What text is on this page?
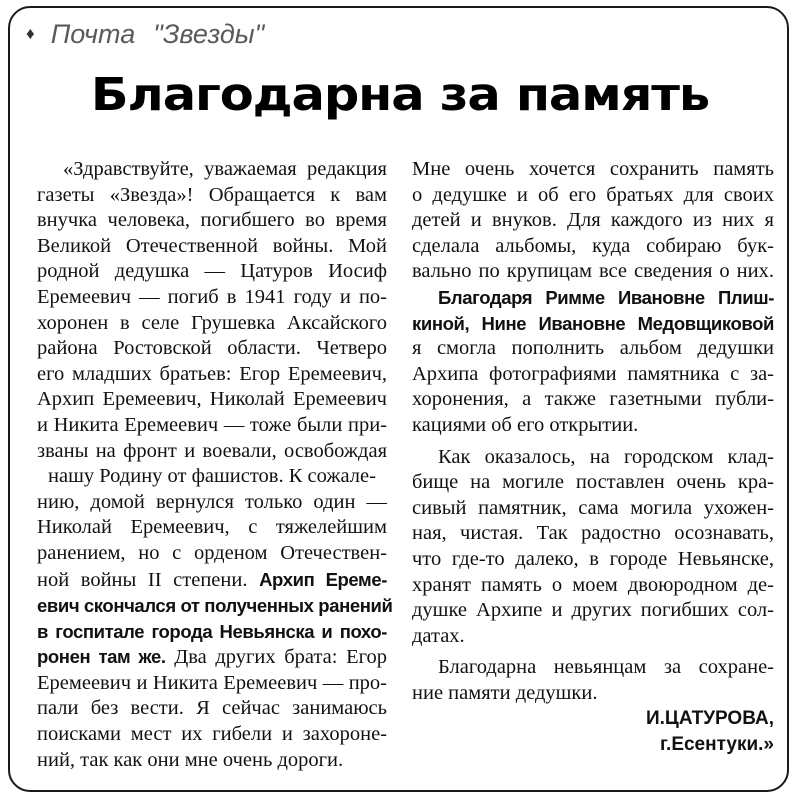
♦ Почта "Звезды"
Благодарна за память
«Здравствуйте, уважаемая редакция
газеты «Звезда»! Обращается к вам
внучка человека, погибшего во время
Великой Отечественной войны. Мой
родной дедушка — Цатуров Иосиф
Еремеевич — погиб в 1941 году и по-
хоронен в селе Грушевка Аксайского
района Ростовской области. Четверо
его младших братьев: Егор Еремеевич,
Архип Еремеевич, Николай Еремеевич
и Никита Еремеевич — тоже были при-
званы на фронт и воевали, освобождая
нашу Родину от фашистов. К сожале-
нию, домой вернулся только один —
Николай Еремеевич, с тяжелейшим
ранением, но с орденом Отечествен-
ной войны II степени. Архип Ереме-
евич скончался от полученных ранений
в госпитале города Невьянска и похо-
ронен там же. Два других брата: Егор
Еремеевич и Никита Еремеевич — про-
пали без вести. Я сейчас занимаюсь
поисками мест их гибели и захороне-
ний, так как они мне очень дороги.
Мне очень хочется сохранить память
о дедушке и об его братьях для своих
детей и внуков. Для каждого из них я
сделала альбомы, куда собираю бук-
вально по крупицам все сведения о них.
Благодаря Римме Ивановне Плиш-
киной, Нине Ивановне Медовщиковой
я смогла пополнить альбом дедушки
Архипа фотографиями памятника с за-
хоронения, а также газетными публи-
кациями об его открытии.
Как оказалось, на городском клад-
бище на могиле поставлен очень кра-
сивый памятник, сама могила ухожен-
ная, чистая. Так радостно осознавать,
что где-то далеко, в городе Невьянске,
хранят память о моем двоюродном де-
душке Архипе и других погибших сол-
датах.
Благодарна невьянцам за сохране-
ние памяти дедушки.
И.ЦАТУРОВА,
г.Есентуки.»
